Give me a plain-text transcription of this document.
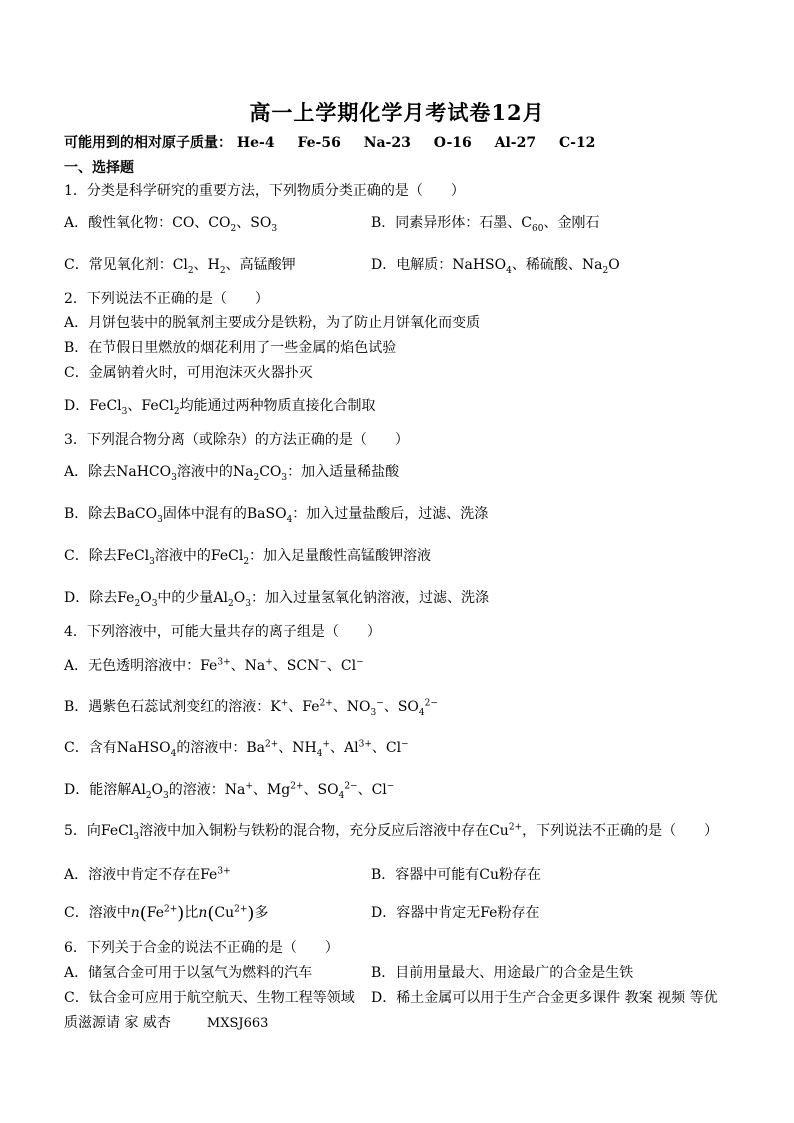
高一上学期化学月考试卷12月
可能用到的相对原子质量： He-4 Fe-56 Na-23 O-16 Al-27 C-12
一、选择题
1．分类是科学研究的重要方法，下列物质分类正确的是（　　）
A．酸性氧化物：CO、$CO_2$、$SO_3$	B．同素异形体：石墨、$C_{60}$、金刚石
C．常见氧化剂：$Cl_2$、$H_2$、高锰酸钾	D．电解质：NaHSO$_4$、稀硫酸、$Na_2O$
2．下列说法不正确的是（　　）
A．月饼包装中的脱氧剂主要成分是铁粉，为了防止月饼氧化而变质
B．在节假日里燃放的烟花利用了一些金属的焰色试验
C．金属钠着火时，可用泡沫灭火器扑灭
D．FeCl$_3$、FeCl$_2$均能通过两种物质直接化合制取
3．下列混合物分离（或除杂）的方法正确的是（　　）
A．除去NaHCO$_3$溶液中的$Na_2CO_3$：加入适量稀盐酸
B．除去BaCO$_3$固体中混有的BaSO$_4$：加入过量盐酸后，过滤、洗涤
C．除去FeCl$_3$溶液中的FeCl$_2$：加入足量酸性高锰酸钾溶液
D．除去$Fe_2O_3$中的少量$Al_2O_3$：加入过量氢氧化钠溶液，过滤、洗涤
4．下列溶液中，可能大量共存的离子组是（　　）
A．无色透明溶液中：$Fe^{3+}$、Na+、SCN−、Cl−
B．遇紫色石蕊试剂变红的溶液：K+、$Fe^{2+}$、$NO_3^-$、$SO_4^{2-}$
C．含有NaHSO$_4$的溶液中：$Ba^{2+}$、$NH_4^+$、$Al^{3+}$、Cl−
D．能溶解$Al_2O_3$的溶液：Na+、$Mg^{2+}$、$SO_4^{2-}$、Cl−
5．向FeCl$_3$溶液中加入铜粉与铁粉的混合物，充分反应后溶液中存在$Cu^{2+}$，下列说法不正确的是（　　）
A．溶液中肯定不存在$Fe^{3+}$	B．容器中可能有Cu粉存在
C．溶液中$n(Fe^{2+})$比$n(Cu^{2+})$多	D．容器中肯定无Fe粉存在
6．下列关于合金的说法不正确的是（　　）
A．储氢合金可用于以氢气为燃料的汽车	B．目前用量最大、用途最广的合金是生铁
C．钛合金可应用于航空航天、生物工程等领域 D．稀土金属可以用于生产合金更多课件 教案 视频 等优
质滋源请 家 威杏	MXSJ663
